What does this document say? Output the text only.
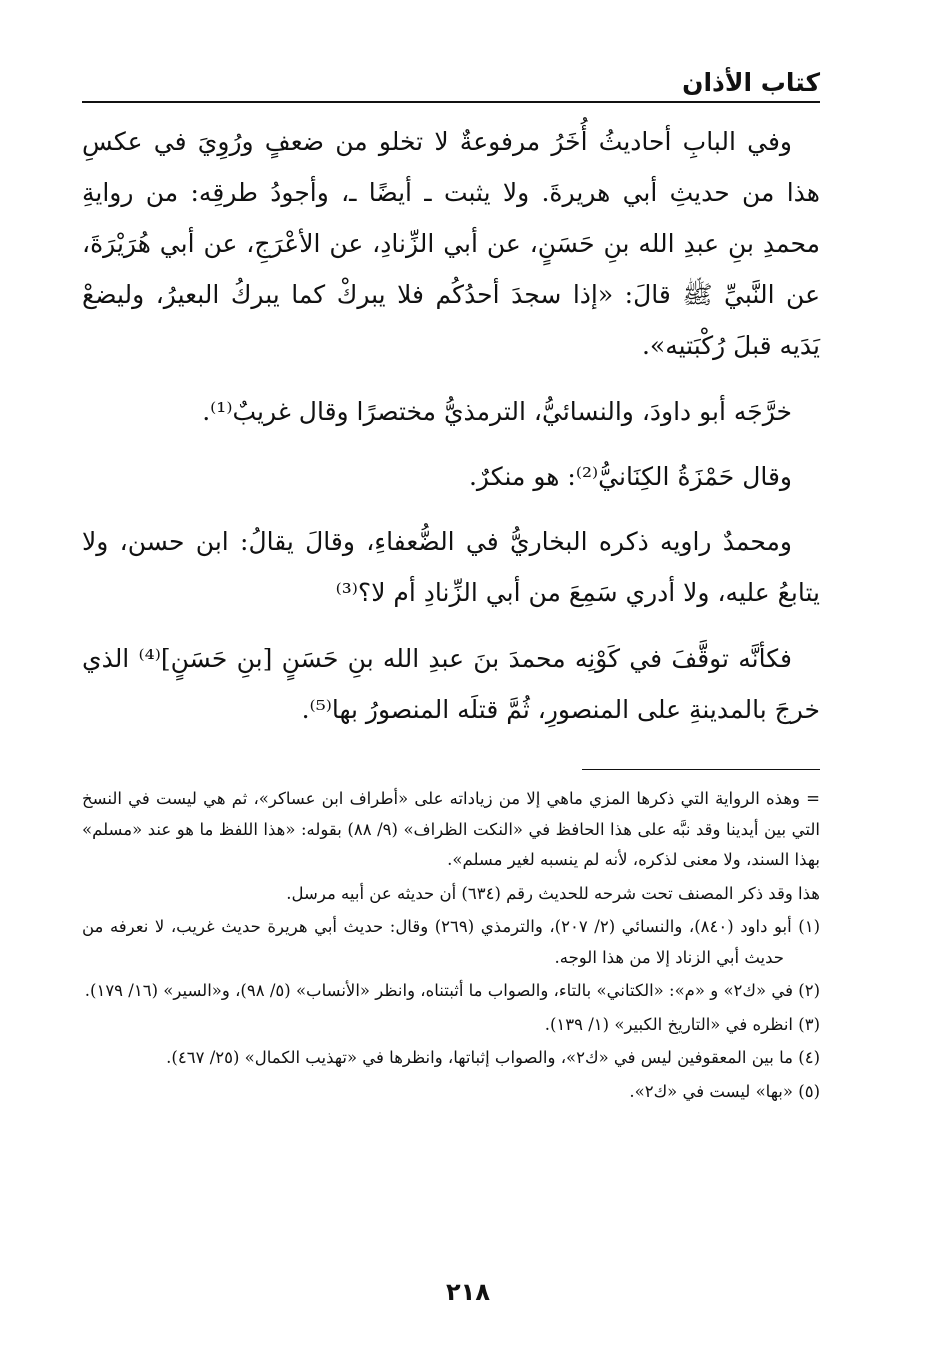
كتاب الأذان

وفي البابِ أحاديثُ أُخَرُ مرفوعةٌ لا تخلو من ضعفٍ ورُوِيَ في عكسِ هذا من حديثِ أبي هريرةَ. ولا يثبت ـ أيضًا ـ، وأجودُ طرقِه: من روايةِ محمدِ بنِ عبدِ الله بنِ حَسَنٍ، عن أبي الزِّنادِ، عن الأعْرَجِ، عن أبي هُرَيْرَةَ، عن النَّبيِّ ﷺ قالَ: «إذا سجدَ أحدُكُم فلا يبركْ كما يبركُ البعيرُ، وليضعْ يَدَيه قبلَ رُكْبَتيه».

خرَّجَه أبو داودَ، والنسائيُّ، الترمذيُّ مختصرًا وقال غريبٌ⁽¹⁾.

وقال حَمْزَةُ الكِنَانيُّ⁽²⁾: هو منكرٌ.

ومحمدٌ راويه ذكره البخاريُّ في الضُّعفاءِ، وقالَ يقالُ: ابن حسن، ولا يتابعُ عليه، ولا أدري سَمِعَ من أبي الزِّنادِ أم لا؟⁽³⁾

فكأنَّه توقَّفَ في كَوْنِه محمدَ بنَ عبدِ الله بنِ حَسَنٍ [بنِ حَسَنٍ]⁽⁴⁾ الذي خرجَ بالمدينةِ على المنصورِ، ثُمَّ قتلَه المنصورُ بها⁽⁵⁾.

= وهذه الرواية التي ذكرها المزي ماهي إلا من زياداته على «أطراف ابن عساكر»، ثم هي ليست في النسخ التي بين أيدينا وقد نبَّه على هذا الحافظ في «النكت الظراف» (٩/ ٨٨) بقوله: «هذا اللفظ ما هو عند «مسلم» بهذا السند، ولا معنى لذكره، لأنه لم ينسبه لغير مسلم».

هذا وقد ذكر المصنف تحت شرحه للحديث رقم (٦٣٤) أن حديثه عن أبيه مرسل.

(١) أبو داود (٨٤٠)، والنسائي (٢/ ٢٠٧)، والترمذي (٢٦٩) وقال: حديث أبي هريرة حديث غريب، لا نعرفه من حديث أبي الزناد إلا من هذا الوجه.

(٢) في «ك٢» و «م»: «الكتاني» بالتاء، والصواب ما أثبتناه، وانظر «الأنساب» (٥/ ٩٨)، و«السير» (١٦/ ١٧٩).

(٣) انظره في «التاريخ الكبير» (١/ ١٣٩).

(٤) ما بين المعقوفين ليس في «ك٢»، والصواب إثباتها، وانظرها في «تهذيب الكمال» (٢٥/ ٤٦٧).

(٥) «بها» ليست في «ك٢».

٢١٨
